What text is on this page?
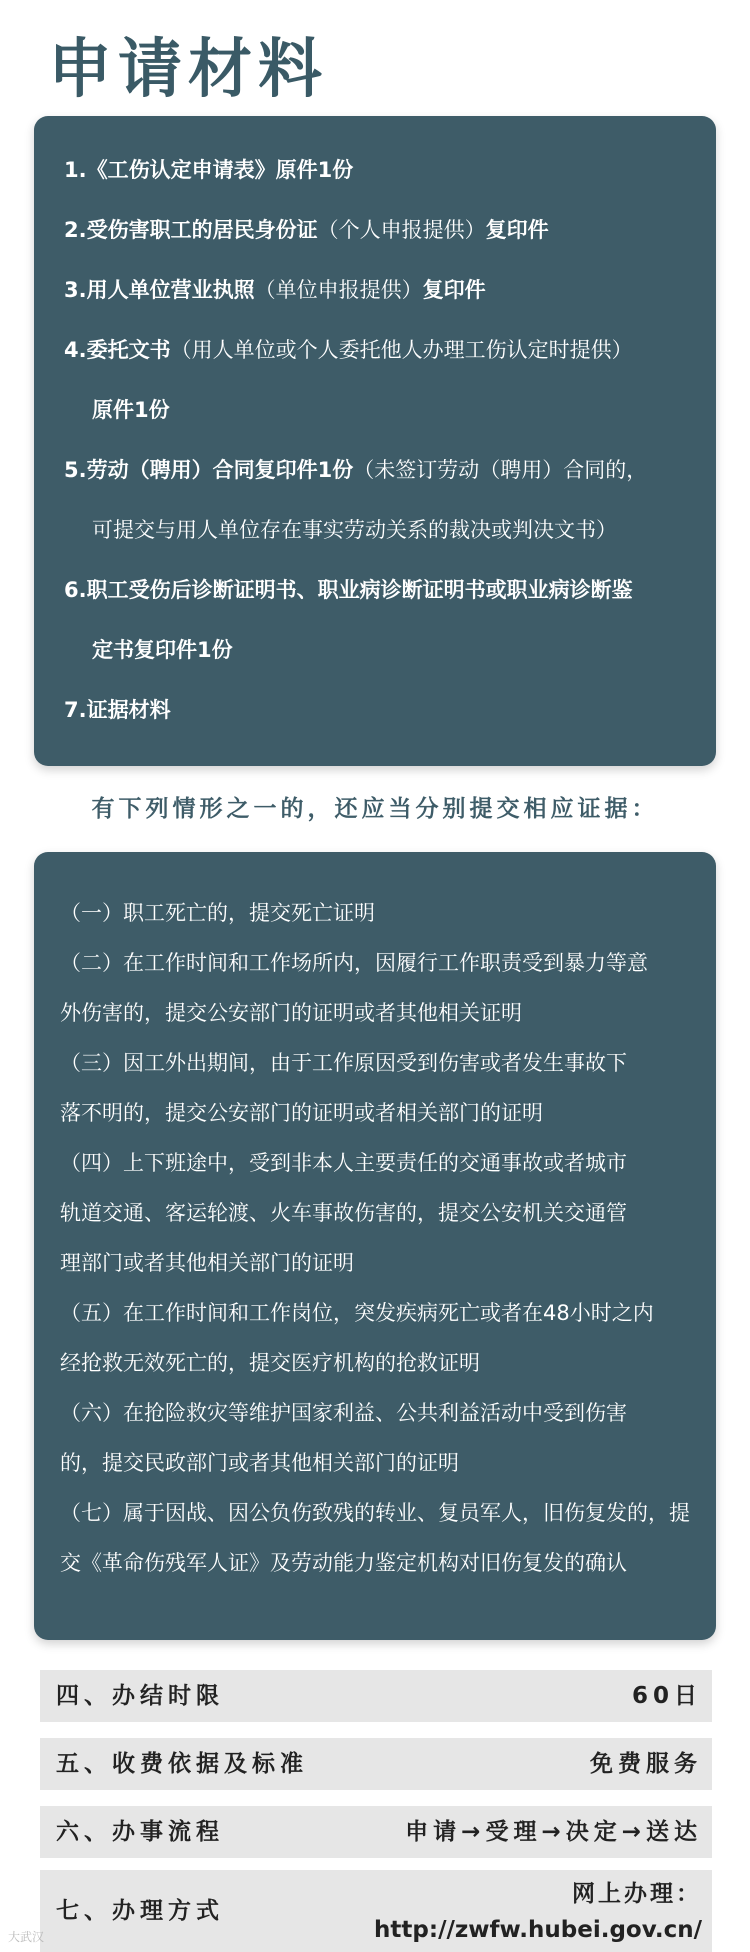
申请材料
1.《工伤认定申请表》原件1份
2.受伤害职工的居民身份证（个人申报提供）复印件
3.用人单位营业执照（单位申报提供）复印件
4.委托文书（用人单位或个人委托他人办理工伤认定时提供）
原件1份
5.劳动（聘用）合同复印件1份（未签订劳动（聘用）合同的，
可提交与用人单位存在事实劳动关系的裁决或判决文书）
6.职工受伤后诊断证明书、职业病诊断证明书或职业病诊断鉴
定书复印件1份
7.证据材料
有下列情形之一的，还应当分别提交相应证据：
（一）职工死亡的，提交死亡证明
（二）在工作时间和工作场所内，因履行工作职责受到暴力等意
外伤害的，提交公安部门的证明或者其他相关证明
（三）因工外出期间，由于工作原因受到伤害或者发生事故下
落不明的，提交公安部门的证明或者相关部门的证明
（四）上下班途中，受到非本人主要责任的交通事故或者城市
轨道交通、客运轮渡、火车事故伤害的，提交公安机关交通管
理部门或者其他相关部门的证明
（五）在工作时间和工作岗位，突发疾病死亡或者在48小时之内
经抢救无效死亡的，提交医疗机构的抢救证明
（六）在抢险救灾等维护国家利益、公共利益活动中受到伤害
的，提交民政部门或者其他相关部门的证明
（七）属于因战、因公负伤致残的转业、复员军人，旧伤复发的，提
交《革命伤残军人证》及劳动能力鉴定机构对旧伤复发的确认
四、办结时限	60日
五、收费依据及标准	免费服务
六、办事流程	申请→受理→决定→送达
七、办理方式
网上办理：
http://zwfw.hubei.gov.cn/
大武汉
